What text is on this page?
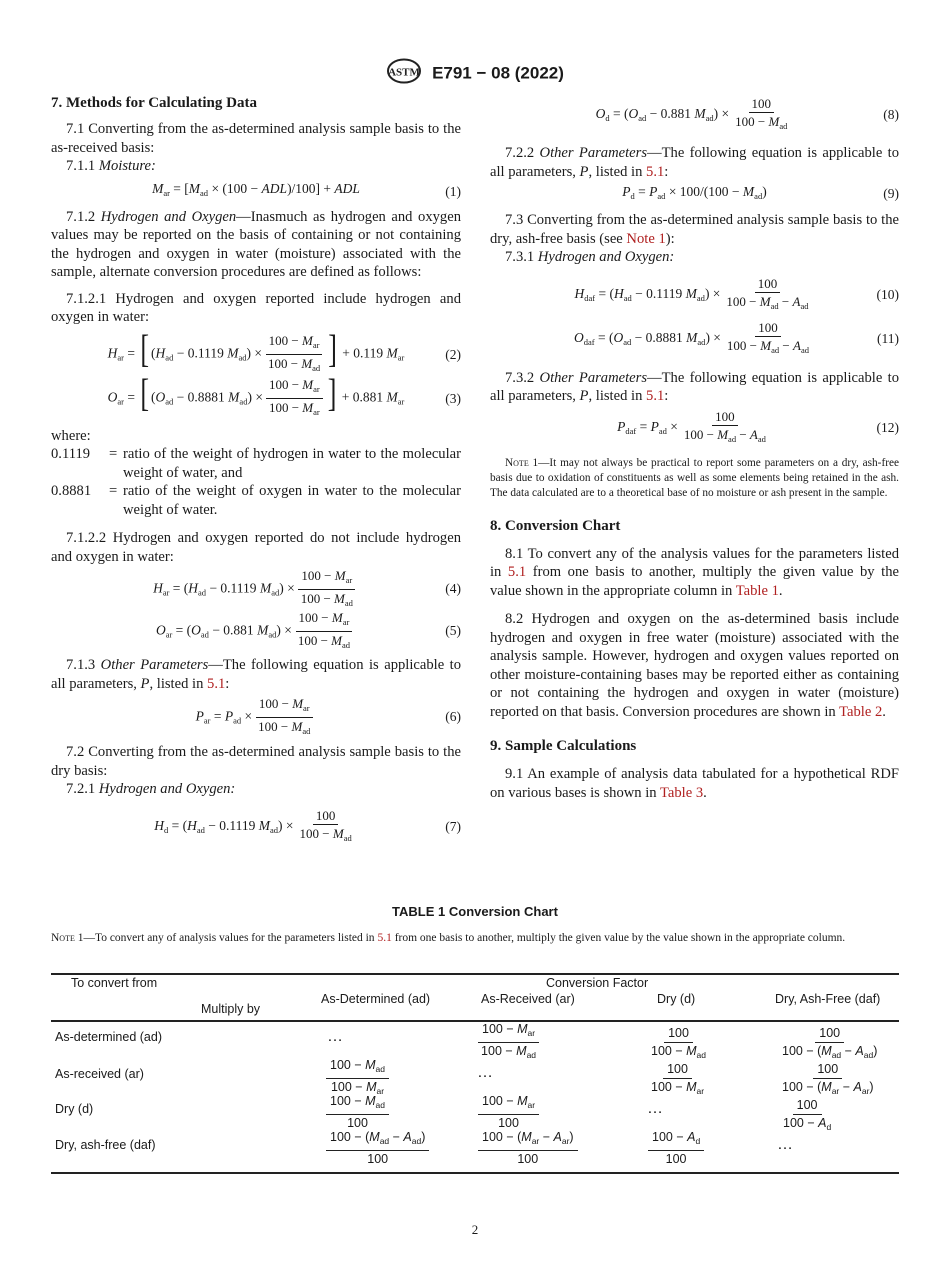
ASTM E791 − 08 (2022)
7. Methods for Calculating Data

7.1 Converting from the as-determined analysis sample basis to the as-received basis:

7.1.1 Moisture:

$M_{ar} = [M_{ad} \times (100 - ADL)/100]$ + ADL	(1)

7.1.2 Hydrogen and Oxygen—Inasmuch as hydrogen and oxygen values may be reported on the basis of containing or not containing the hydrogen and oxygen in water (moisture) associated with the sample, alternate conversion procedures are defined as follows:

7.1.2.1 Hydrogen and oxygen reported include hydrogen and oxygen in water:

$H_{ar}$ = [ ($H_{ad} - 0.1119$ $M_{ad}) \times \frac{100 - M_{ar}}{100 - M_{ad}}$ ] + 0.119 $M_{ar}$	(2)
$O_{ar}$ = [ ($O_{ad} - 0.8881$ $M_{ad}) \times \frac{100 - M_{ar}}{100 - M_{ar}}$ ] + 0.881 $M_{ar}$	(3)

where:

0.1119	= ratio of the weight of hydrogen in water to the molecular weight of water, and
0.8881	= ratio of the weight of oxygen in water to the molecular weight of water.

7.1.2.2 Hydrogen and oxygen reported do not include hydrogen and oxygen in water:

$H_{ar} = (H_{ad} - 0.1119$ $M_{ad}) \times \frac{100 - M_{ar}}{100 - M_{ad}}$	(4)
$O_{ar} = (O_{ad} - 0.881$ $M_{ad}) \times \frac{100 - M_{ar}}{100 - M_{ad}}$	(5)

7.1.3 Other Parameters—The following equation is applicable to all parameters, P, listed in 5.1:

$P_{ar} = P_{ad} \times \frac{100 - M_{ar}}{100 - M_{ad}}$	(6)

7.2 Converting from the as-determined analysis sample basis to the dry basis:

7.2.1 Hydrogen and Oxygen:

$H_d = (H_{ad} - 0.1119$ $M_{ad}) \times \frac{100}{100 - M_{ad}}$	(7)
$O_d = (O_{ad} - 0.881$ $M_{ad}) \times \frac{100}{100 - M_{ad}}$	(8)

7.2.2 Other Parameters—The following equation is applicable to all parameters, P, listed in 5.1:

$P_d = P_{ad} \times 100/(100 - M_{ad})$	(9)

7.3 Converting from the as-determined analysis sample basis to the dry, ash-free basis (see Note 1):

7.3.1 Hydrogen and Oxygen:

$H_{daf} = (H_{ad} - 0.1119$ $M_{ad}) \times \frac{100}{100 - M_{ad} - A_{ad}}$	(10)
$O_{daf} = (O_{ad} - 0.8881$ $M_{ad}) \times \frac{100}{100 - M_{ad} - A_{ad}}$	(11)

7.3.2 Other Parameters—The following equation is applicable to all parameters, P, listed in 5.1:

$P_{daf} = P_{ad} \times \frac{100}{100 - M_{ad} - A_{ad}}$	(12)

Note 1—It may not always be practical to report some parameters on a dry, ash-free basis due to oxidation of constituents as well as some elements being retained in the ash. The data calculated are to a theoretical base of no moisture or ash present in the sample.

8. Conversion Chart

8.1 To convert any of the analysis values for the parameters listed in 5.1 from one basis to another, multiply the given value by the value shown in the appropriate column in Table 1.

8.2 Hydrogen and oxygen on the as-determined basis include hydrogen and oxygen in free water (moisture) associated with the analysis sample. However, hydrogen and oxygen values reported on other moisture-containing bases may be reported either as containing or not containing the hydrogen and oxygen in water (moisture) reported on that basis. Conversion procedures are shown in Table 2.

9. Sample Calculations

9.1 An example of analysis data tabulated for a hypothetical RDF on various bases is shown in Table 3.

TABLE 1 Conversion Chart
Note 1—To convert any of analysis values for the parameters listed in 5.1 from one basis to another, multiply the given value by the value shown in the appropriate column.
To convert from
Multiply by
Conversion Factor
As-Determined (ad)	As-Received (ar)	Dry (d)	Dry, Ash-Free (daf)
As-determined (ad)	…	$\frac{100 - M_{ar}}{100 - M_{ad}}$	$\frac{100}{100 - M_{ad}}$	$\frac{100}{100 - (M_{ad} - A_{ad})}$
As-received (ar)	$\frac{100 - M_{ad}}{100 - M_{ar}}$	…	$\frac{100}{100 - M_{ar}}$	$\frac{100}{100 - (M_{ar} - A_{ar})}$
Dry (d)	$\frac{100 - M_{ad}}{100}$	$\frac{100 - M_{ar}}{100}$	…	$\frac{100}{100 - A_d}$
Dry, ash-free (daf)	$\frac{100 - (M_{ad} - A_{ad})}{100}$	$\frac{100 - (M_{ar} - A_{ar})}{100}$	$\frac{100 - A_d}{100}$	…
2
